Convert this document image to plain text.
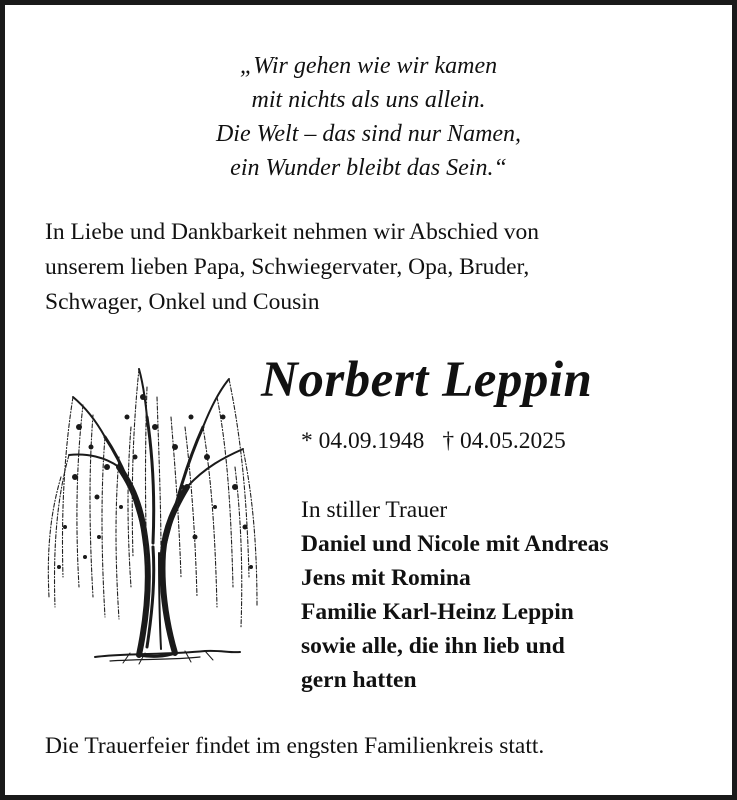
„Wir gehen wie wir kamen
mit nichts als uns allein.
Die Welt – das sind nur Namen,
ein Wunder bleibt das Sein.“
In Liebe und Dankbarkeit nehmen wir Abschied von
unserem lieben Papa, Schwiegervater, Opa, Bruder,
Schwager, Onkel und Cousin
Norbert Leppin
* 04.09.1948 † 04.05.2025
In stiller Trauer
Daniel und Nicole mit Andreas
Jens mit Romina
Familie Karl-Heinz Leppin
sowie alle, die ihn lieb und
gern hatten
Die Trauerfeier findet im engsten Familienkreis statt.
